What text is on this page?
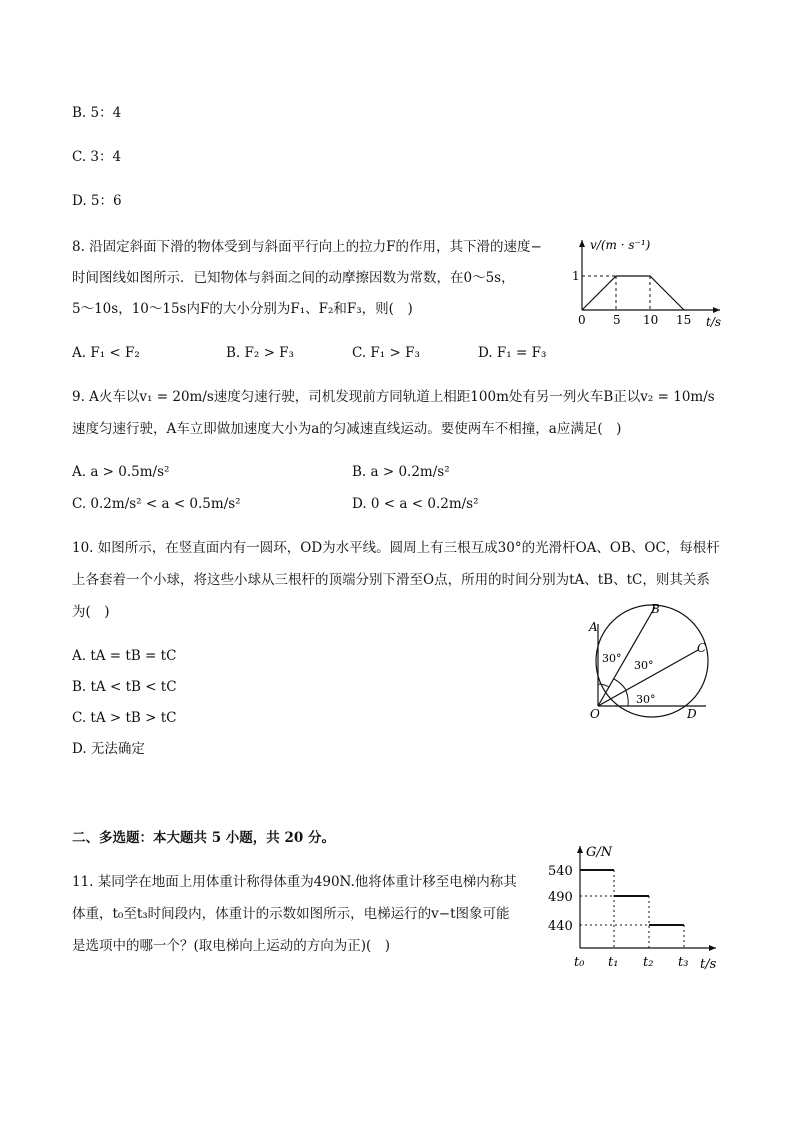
B. 5：4
C. 3：4
D. 5：6
8. 沿固定斜面下滑的物体受到与斜面平行向上的拉力F的作用，其下滑的速度−
时间图线如图所示．已知物体与斜面之间的动摩擦因数为常数，在0～5s，
5～10s，10～15s内F的大小分别为F₁、F₂和F₃，则(　)
v/(m · s⁻¹)
1
0 5 10 15 t/s
A. F₁ < F₂	B. F₂ > F₃	C. F₁ > F₃	D. F₁ = F₃
9. A火车以v₁ = 20m/s速度匀速行驶，司机发现前方同轨道上相距100m处有另一列火车B正以v₂ = 10m/s
速度匀速行驶，A车立即做加速度大小为a的匀减速直线运动。要使两车不相撞，a应满足(　)
A. a > 0.5m/s²	B. a > 0.2m/s²
C. 0.2m/s² < a < 0.5m/s²	D. 0 < a < 0.2m/s²
10. 如图所示，在竖直面内有一圆环，OD为水平线。圆周上有三根互成30°的光滑杆OA、OB、OC，每根杆
上各套着一个小球，将这些小球从三根杆的顶端分别下滑至O点，所用的时间分别为tA、tB、tC，则其关系
为(　)
A
B
C
D
O
30°
30°
30°
A. tA = tB = tC
B. tA < tB < tC
C. tA > tB > tC
D. 无法确定
二、多选题：本大题共 5 小题，共 20 分。
11. 某同学在地面上用体重计称得体重为490N.他将体重计移至电梯内称其
体重，t₀至t₃时间段内，体重计的示数如图所示，电梯运行的v−t图象可能
是选项中的哪一个？(取电梯向上运动的方向为正)(　)
G/N
540
490
440
t₀ t₁ t₂ t₃ t/s
